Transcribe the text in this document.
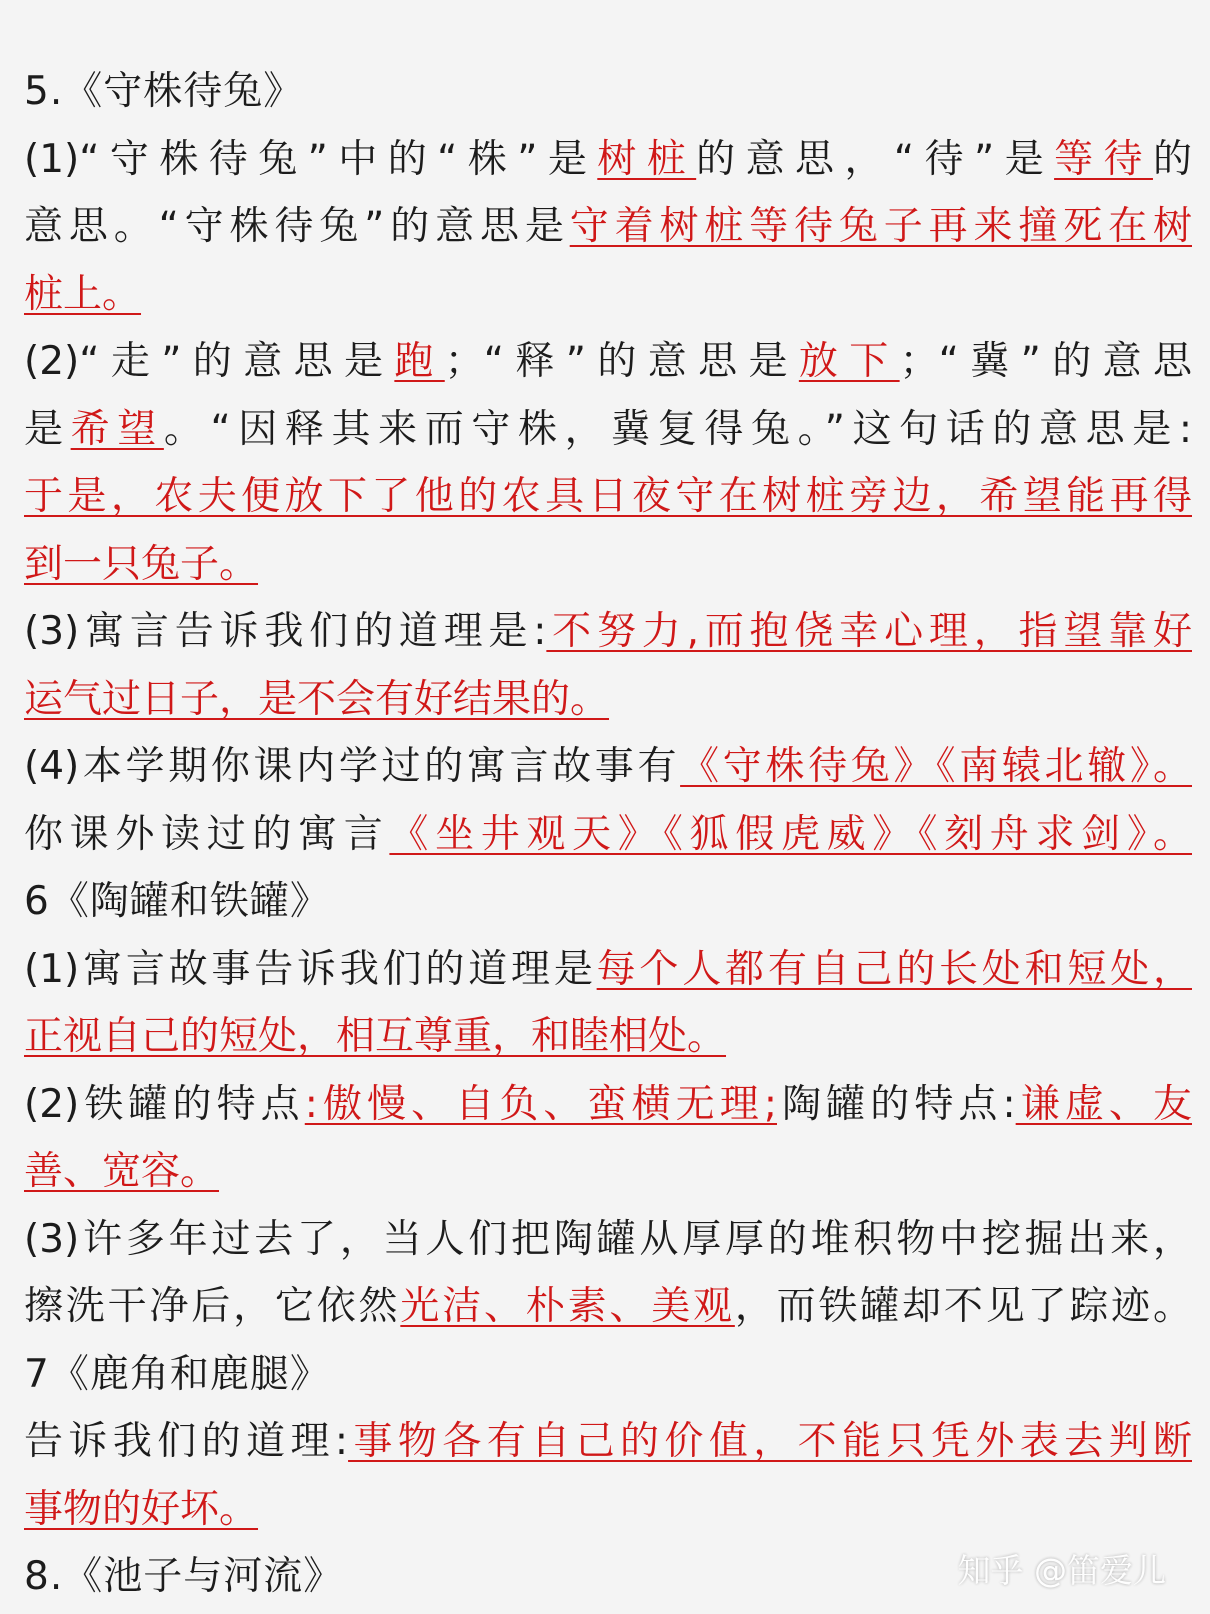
5.《守株待兔》
(1)“守株待兔”中的“株”是树桩的意思，“待”是等待的
意思。“守株待兔”的意思是守着树桩等待兔子再来撞死在树
桩上。
(2)“走”的意思是跑；“释”的意思是放下；“冀”的意思
是希望。“因释其来而守株，冀复得兔。”这句话的意思是:
于是，农夫便放下了他的农具日夜守在树桩旁边，希望能再得
到一只兔子。
(3)寓言告诉我们的道理是:不努力,而抱侥幸心理，指望靠好
运气过日子，是不会有好结果的。
(4)本学期你课内学过的寓言故事有《守株待兔》《南辕北辙》。
你课外读过的寓言《坐井观天》《狐假虎威》《刻舟求剑》。
6《陶罐和铁罐》
(1)寓言故事告诉我们的道理是每个人都有自己的长处和短处，
正视自己的短处，相互尊重，和睦相处。
(2)铁罐的特点:傲慢、自负、蛮横无理;陶罐的特点:谦虚、友
善、宽容。
(3)许多年过去了，当人们把陶罐从厚厚的堆积物中挖掘出来，
擦洗干净后，它依然光洁、朴素、美观，而铁罐却不见了踪迹。
7《鹿角和鹿腿》
告诉我们的道理:事物各有自己的价值，不能只凭外表去判断
事物的好坏。
8.《池子与河流》	知乎 @笛爱儿
